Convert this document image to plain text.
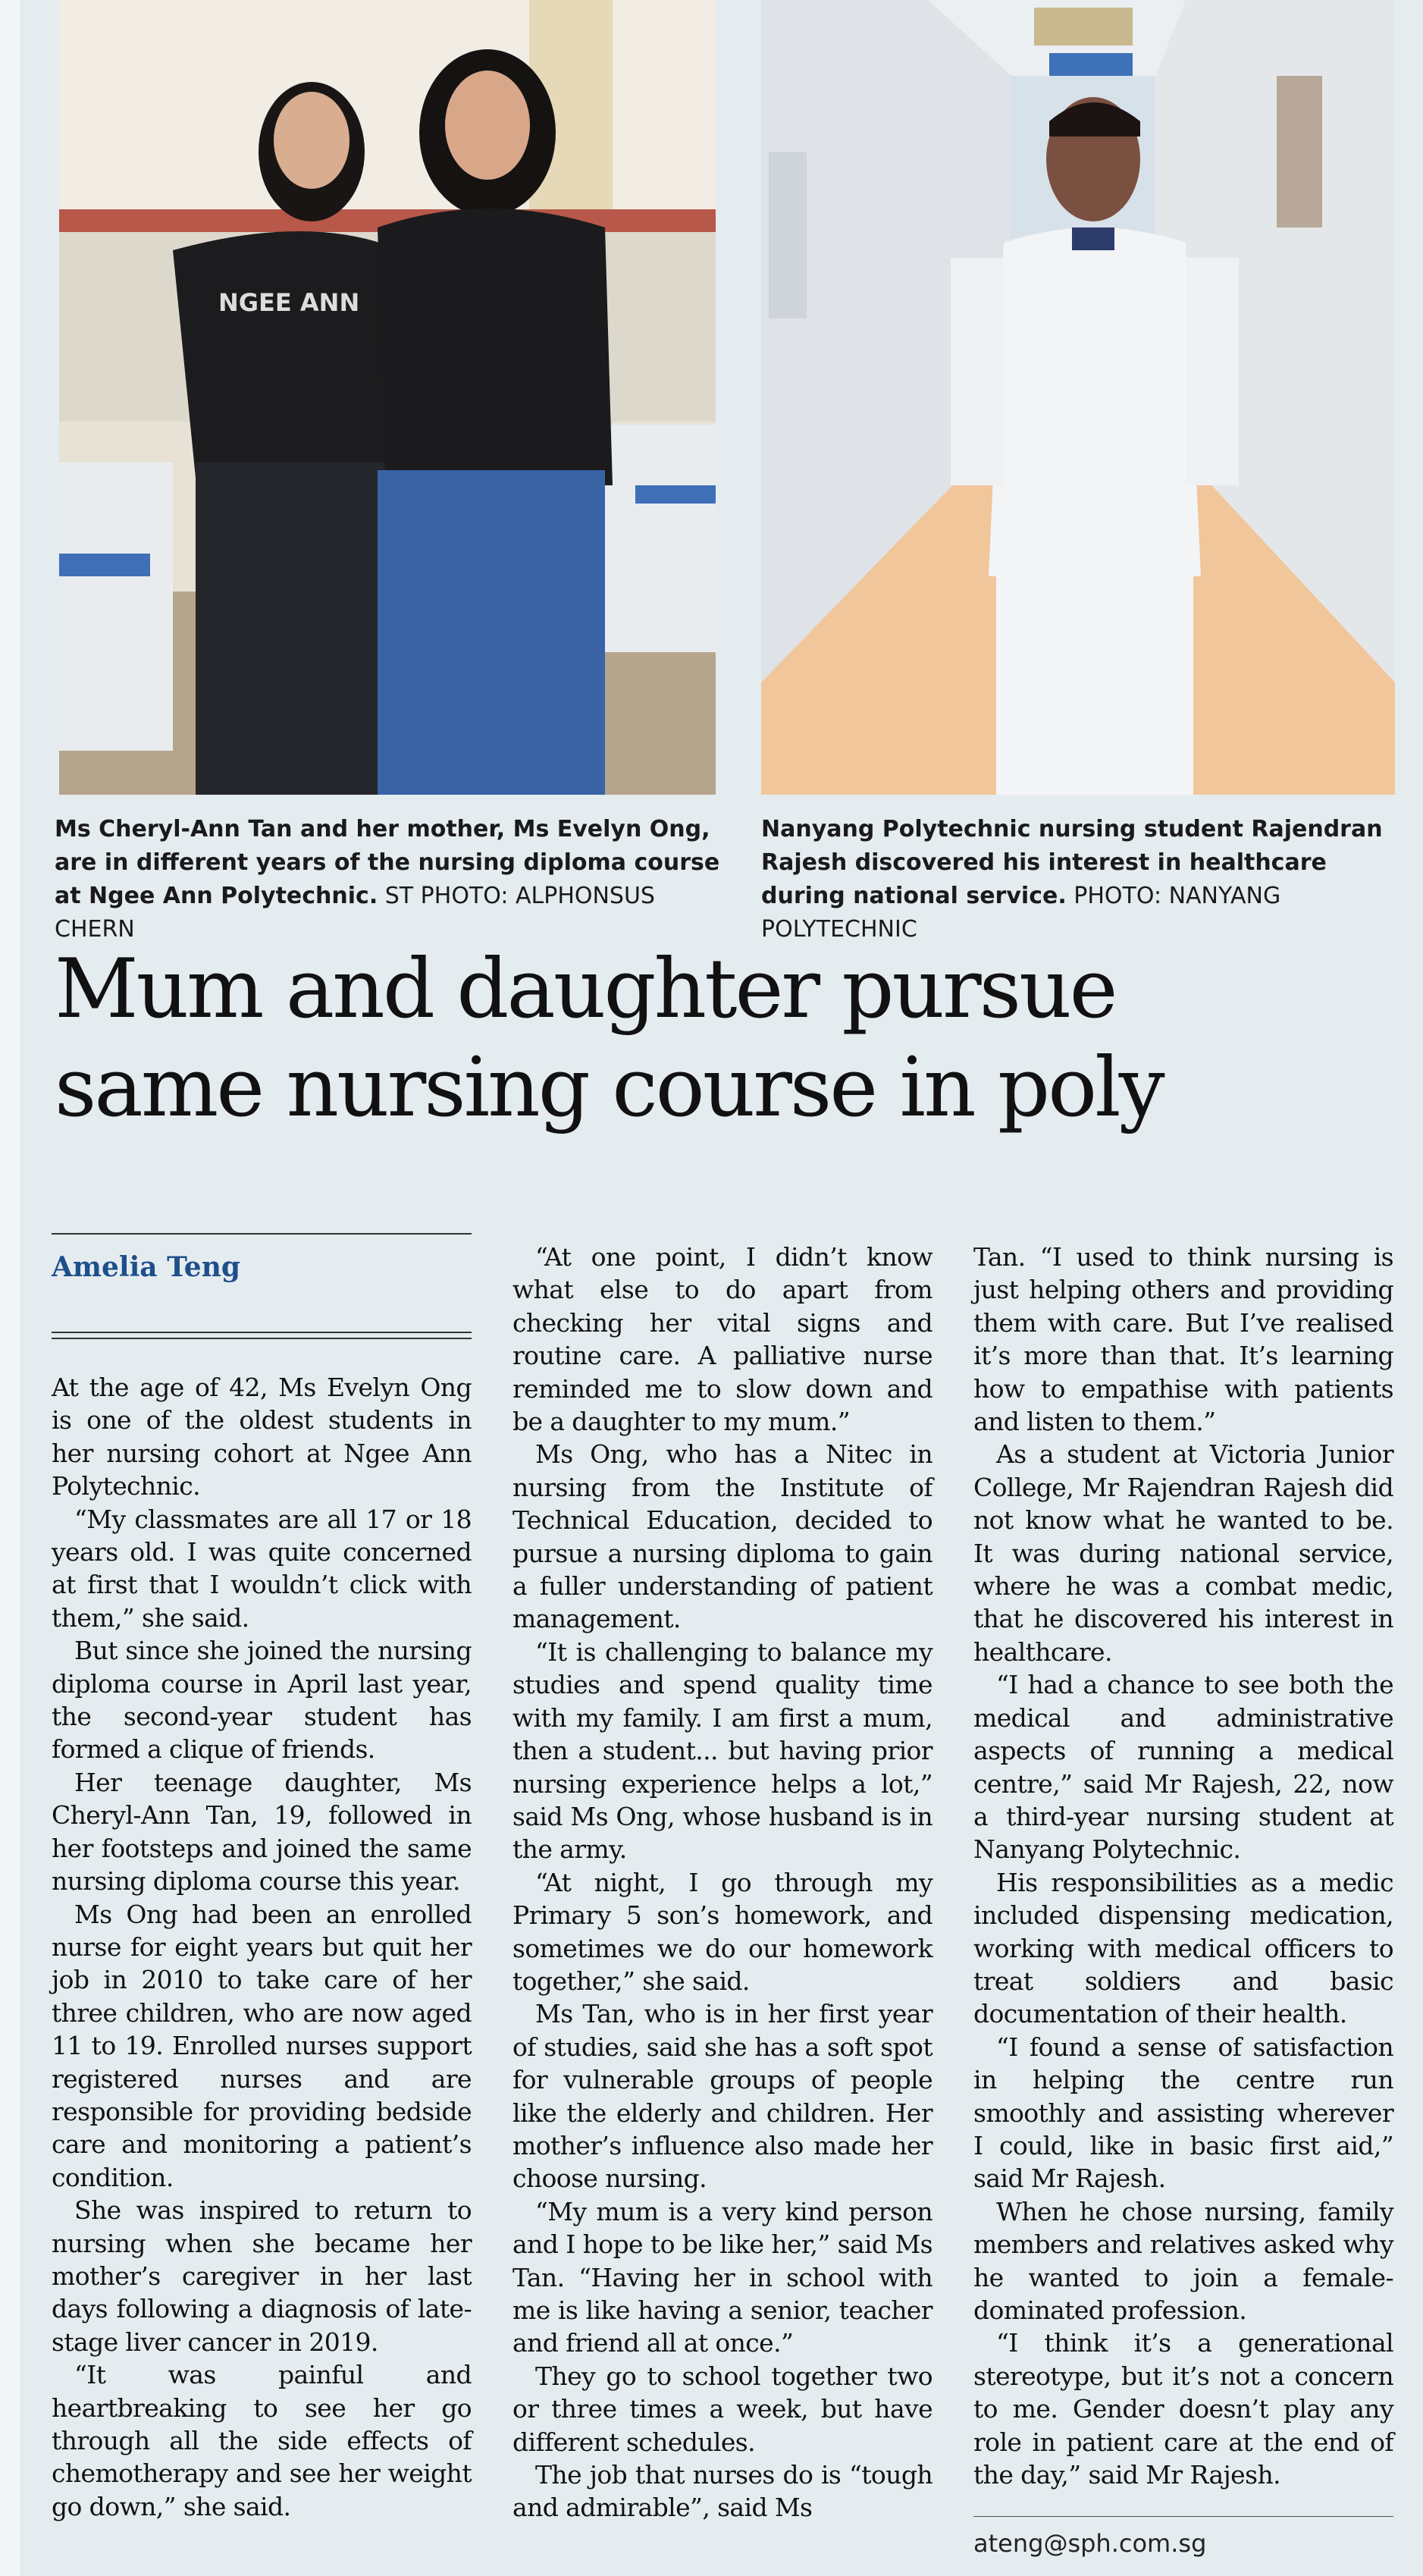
NGEE ANN
Ms Cheryl-Ann Tan and her mother, Ms Evelyn Ong, are in different years of the nursing diploma course at Ngee Ann Polytechnic. ST PHOTO: ALPHONSUS CHERN
Nanyang Polytechnic nursing student Rajendran Rajesh discovered his interest in healthcare during national service. PHOTO: NANYANG POLYTECHNIC
Mum and daughter pursue
same nursing course in poly
Amelia Teng

At the age of 42, Ms Evelyn Ong is one of the oldest students in her nursing cohort at Ngee Ann Polytechnic.

“My classmates are all 17 or 18 years old. I was quite concerned at first that I wouldn’t click with them,” she said.

But since she joined the nursing diploma course in April last year, the second-year student has formed a clique of friends.

Her teenage daughter, Ms Cheryl-Ann Tan, 19, followed in her footsteps and joined the same nursing diploma course this year.

Ms Ong had been an enrolled nurse for eight years but quit her job in 2010 to take care of her three children, who are now aged 11 to 19. Enrolled nurses support registered nurses and are responsible for providing bedside care and monitoring a patient’s condition.

She was inspired to return to nursing when she became her mother’s caregiver in her last days following a diagnosis of late-stage liver cancer in 2019.

“It was painful and heartbreaking to see her go through all the side effects of chemotherapy and see her weight go down,” she said.

“At one point, I didn’t know what else to do apart from checking her vital signs and routine care. A palliative nurse reminded me to slow down and be a daughter to my mum.”

Ms Ong, who has a Nitec in nursing from the Institute of Technical Education, decided to pursue a nursing diploma to gain a fuller understanding of patient management.

“It is challenging to balance my studies and spend quality time with my family. I am first a mum, then a student... but having prior nursing experience helps a lot,” said Ms Ong, whose husband is in the army.

“At night, I go through my Primary 5 son’s homework, and sometimes we do our homework together,” she said.

Ms Tan, who is in her first year of studies, said she has a soft spot for vulnerable groups of people like the elderly and children. Her mother’s influence also made her choose nursing.

“My mum is a very kind person and I hope to be like her,” said Ms Tan. “Having her in school with me is like having a senior, teacher and friend all at once.”

They go to school together two or three times a week, but have different schedules.

The job that nurses do is “tough and admirable”, said Ms

Tan. “I used to think nursing is just helping others and providing them with care. But I’ve realised it’s more than that. It’s learning how to empathise with patients and listen to them.”

As a student at Victoria Junior College, Mr Rajendran Rajesh did not know what he wanted to be. It was during national service, where he was a combat medic, that he discovered his interest in healthcare.

“I had a chance to see both the medical and administrative aspects of running a medical centre,” said Mr Rajesh, 22, now a third-year nursing student at Nanyang Polytechnic.

His responsibilities as a medic included dispensing medication, working with medical officers to treat soldiers and basic documentation of their health.

“I found a sense of satisfaction in helping the centre run smoothly and assisting wherever I could, like in basic first aid,” said Mr Rajesh.

When he chose nursing, family members and relatives asked why he wanted to join a female-dominated profession.

“I think it’s a generational stereotype, but it’s not a concern to me. Gender doesn’t play any role in patient care at the end of the day,” said Mr Rajesh.

ateng@sph.com.sg
